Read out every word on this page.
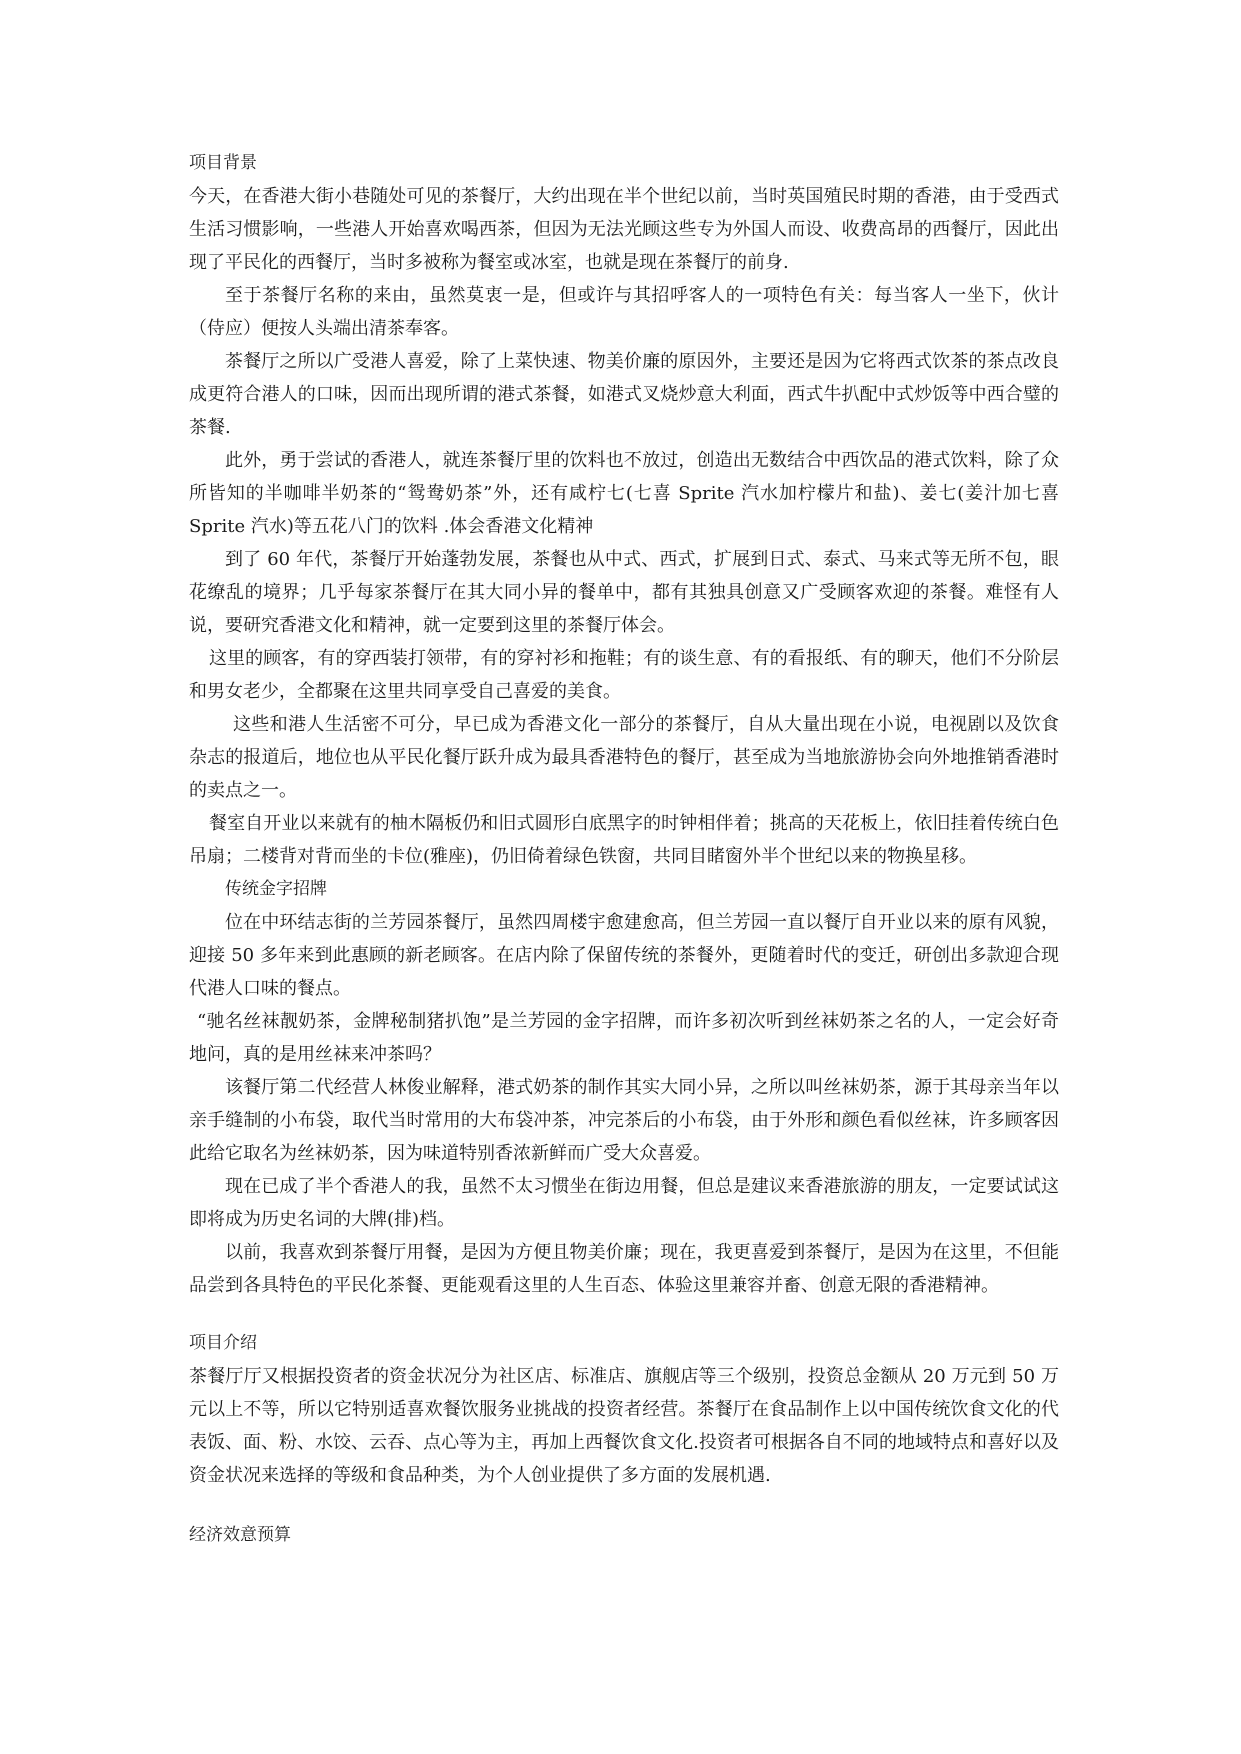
项目背景

今天，在香港大街小巷随处可见的茶餐厅，大约出现在半个世纪以前，当时英国殖民时期的香港，由于受西式生活习惯影响，一些港人开始喜欢喝西茶，但因为无法光顾这些专为外国人而设、收费高昂的西餐厅，因此出现了平民化的西餐厅，当时多被称为餐室或冰室，也就是现在茶餐厅的前身.

至于茶餐厅名称的来由，虽然莫衷一是，但或许与其招呼客人的一项特色有关：每当客人一坐下，伙计（侍应）便按人头端出清茶奉客。

茶餐厅之所以广受港人喜爱，除了上菜快速、物美价廉的原因外，主要还是因为它将西式饮茶的茶点改良成更符合港人的口味，因而出现所谓的港式茶餐，如港式叉烧炒意大利面，西式牛扒配中式炒饭等中西合璧的茶餐.

此外，勇于尝试的香港人，就连茶餐厅里的饮料也不放过，创造出无数结合中西饮品的港式饮料，除了众所皆知的半咖啡半奶茶的“鸳鸯奶茶”外，还有咸柠七(七喜 Sprite 汽水加柠檬片和盐)、姜七(姜汁加七喜 Sprite 汽水)等五花八门的饮料 .体会香港文化精神

到了 60 年代，茶餐厅开始蓬勃发展，茶餐也从中式、西式，扩展到日式、泰式、马来式等无所不包，眼花缭乱的境界；几乎每家茶餐厅在其大同小异的餐单中，都有其独具创意又广受顾客欢迎的茶餐。难怪有人说，要研究香港文化和精神，就一定要到这里的茶餐厅体会。

这里的顾客，有的穿西装打领带，有的穿衬衫和拖鞋；有的谈生意、有的看报纸、有的聊天，他们不分阶层和男女老少，全都聚在这里共同享受自己喜爱的美食。

这些和港人生活密不可分，早已成为香港文化一部分的茶餐厅，自从大量出现在小说，电视剧以及饮食杂志的报道后，地位也从平民化餐厅跃升成为最具香港特色的餐厅，甚至成为当地旅游协会向外地推销香港时的卖点之一。

餐室自开业以来就有的柚木隔板仍和旧式圆形白底黑字的时钟相伴着；挑高的天花板上，依旧挂着传统白色吊扇；二楼背对背而坐的卡位(雅座)，仍旧倚着绿色铁窗，共同目睹窗外半个世纪以来的物换星移。

传统金字招牌

位在中环结志街的兰芳园茶餐厅，虽然四周楼宇愈建愈高，但兰芳园一直以餐厅自开业以来的原有风貌，迎接 50 多年来到此惠顾的新老顾客。在店内除了保留传统的茶餐外，更随着时代的变迁，研创出多款迎合现代港人口味的餐点。

“驰名丝袜靓奶茶，金牌秘制猪扒饱”是兰芳园的金字招牌，而许多初次听到丝袜奶茶之名的人，一定会好奇地问，真的是用丝袜来冲茶吗？

该餐厅第二代经营人林俊业解释，港式奶茶的制作其实大同小异，之所以叫丝袜奶茶，源于其母亲当年以亲手缝制的小布袋，取代当时常用的大布袋冲茶，冲完茶后的小布袋，由于外形和颜色看似丝袜，许多顾客因此给它取名为丝袜奶茶，因为味道特别香浓新鲜而广受大众喜爱。

现在已成了半个香港人的我，虽然不太习惯坐在街边用餐，但总是建议来香港旅游的朋友，一定要试试这即将成为历史名词的大牌(排)档。

以前，我喜欢到茶餐厅用餐，是因为方便且物美价廉；现在，我更喜爱到茶餐厅，是因为在这里，不但能品尝到各具特色的平民化茶餐、更能观看这里的人生百态、体验这里兼容并畜、创意无限的香港精神。

项目介绍

茶餐厅厅又根据投资者的资金状况分为社区店、标准店、旗舰店等三个级别，投资总金额从 20 万元到 50 万元以上不等，所以它特别适喜欢餐饮服务业挑战的投资者经营。茶餐厅在食品制作上以中国传统饮食文化的代表饭、面、粉、水饺、云吞、点心等为主，再加上西餐饮食文化.投资者可根据各自不同的地域特点和喜好以及资金状况来选择的等级和食品种类，为个人创业提供了多方面的发展机遇.

经济效意预算
